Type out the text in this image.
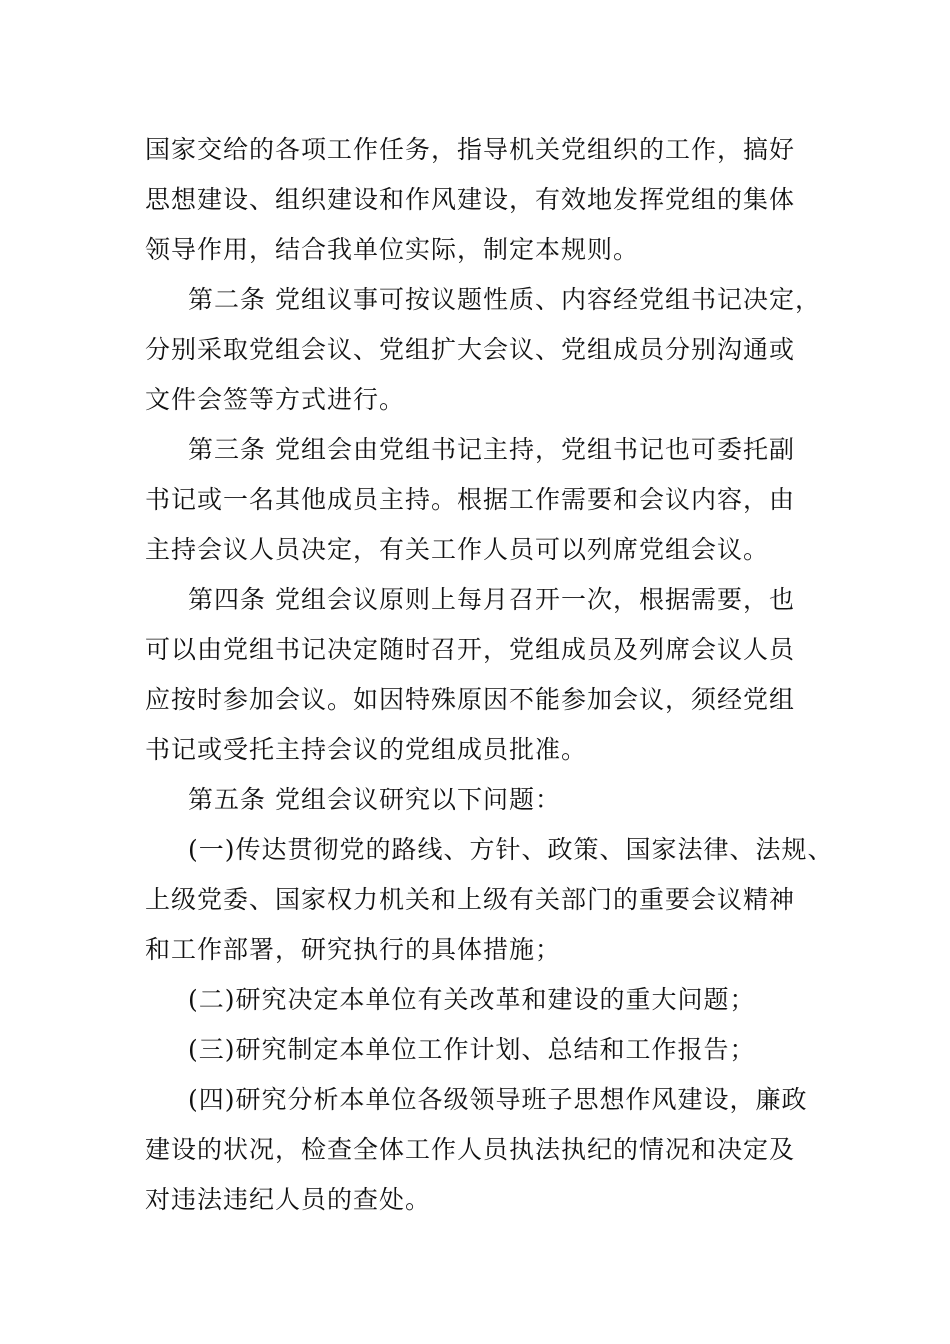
国家交给的各项工作任务，指导机关党组织的工作，搞好
思想建设、组织建设和作风建设，有效地发挥党组的集体
领导作用，结合我单位实际，制定本规则。
第二条 党组议事可按议题性质、内容经党组书记决定，
分别采取党组会议、党组扩大会议、党组成员分别沟通或
文件会签等方式进行。
第三条 党组会由党组书记主持，党组书记也可委托副
书记或一名其他成员主持。根据工作需要和会议内容，由
主持会议人员决定，有关工作人员可以列席党组会议。
第四条 党组会议原则上每月召开一次，根据需要，也
可以由党组书记决定随时召开，党组成员及列席会议人员
应按时参加会议。如因特殊原因不能参加会议，须经党组
书记或受托主持会议的党组成员批准。
第五条 党组会议研究以下问题：
(一)传达贯彻党的路线、方针、政策、国家法律、法规、
上级党委、国家权力机关和上级有关部门的重要会议精神
和工作部署，研究执行的具体措施；
(二)研究决定本单位有关改革和建设的重大问题；
(三)研究制定本单位工作计划、总结和工作报告；
(四)研究分析本单位各级领导班子思想作风建设，廉政
建设的状况，检查全体工作人员执法执纪的情况和决定及
对违法违纪人员的查处。
